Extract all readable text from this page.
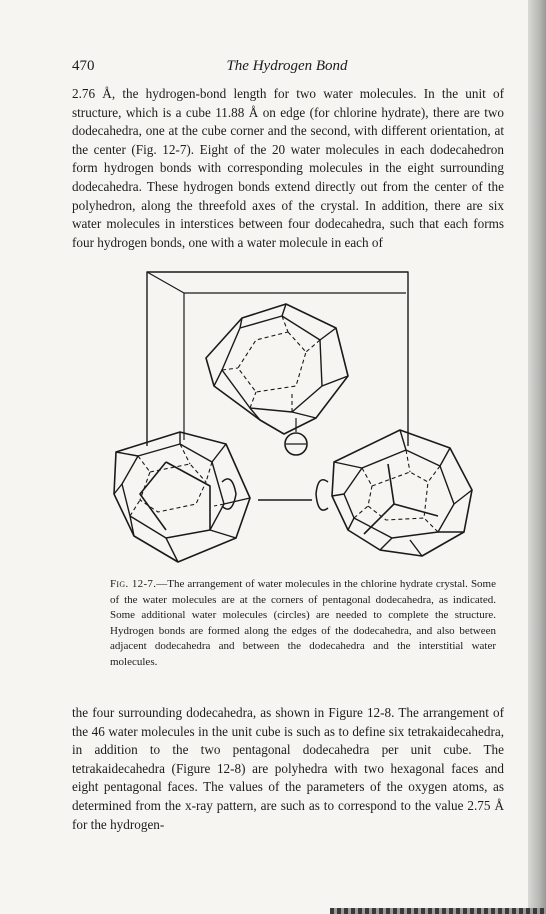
470	The Hydrogen Bond
2.76 Å, the hydrogen-bond length for two water molecules. In the unit of structure, which is a cube 11.88 Å on edge (for chlorine hydrate), there are two dodecahedra, one at the cube corner and the second, with different orientation, at the center (Fig. 12-7). Eight of the 20 water molecules in each dodecahedron form hydrogen bonds with corresponding molecules in the eight surrounding dodecahedra. These hydrogen bonds extend directly out from the center of the polyhedron, along the threefold axes of the crystal. In addition, there are six water molecules in interstices between four dodecahedra, such that each forms four hydrogen bonds, one with a water molecule in each of
Fig. 12-7.—The arrangement of water molecules in the chlorine hydrate crystal. Some of the water molecules are at the corners of pentagonal dodecahedra, as indicated. Some additional water molecules (circles) are needed to complete the structure. Hydrogen bonds are formed along the edges of the dodecahedra, and also between adjacent dodecahedra and between the dodecahedra and the interstitial water molecules.
the four surrounding dodecahedra, as shown in Figure 12-8. The arrangement of the 46 water molecules in the unit cube is such as to define six tetrakaidecahedra, in addition to the two pentagonal dodecahedra per unit cube. The tetrakaidecahedra (Figure 12-8) are polyhedra with two hexagonal faces and eight pentagonal faces. The values of the parameters of the oxygen atoms, as determined from the x-ray pattern, are such as to correspond to the value 2.75 Å for the hydrogen-
